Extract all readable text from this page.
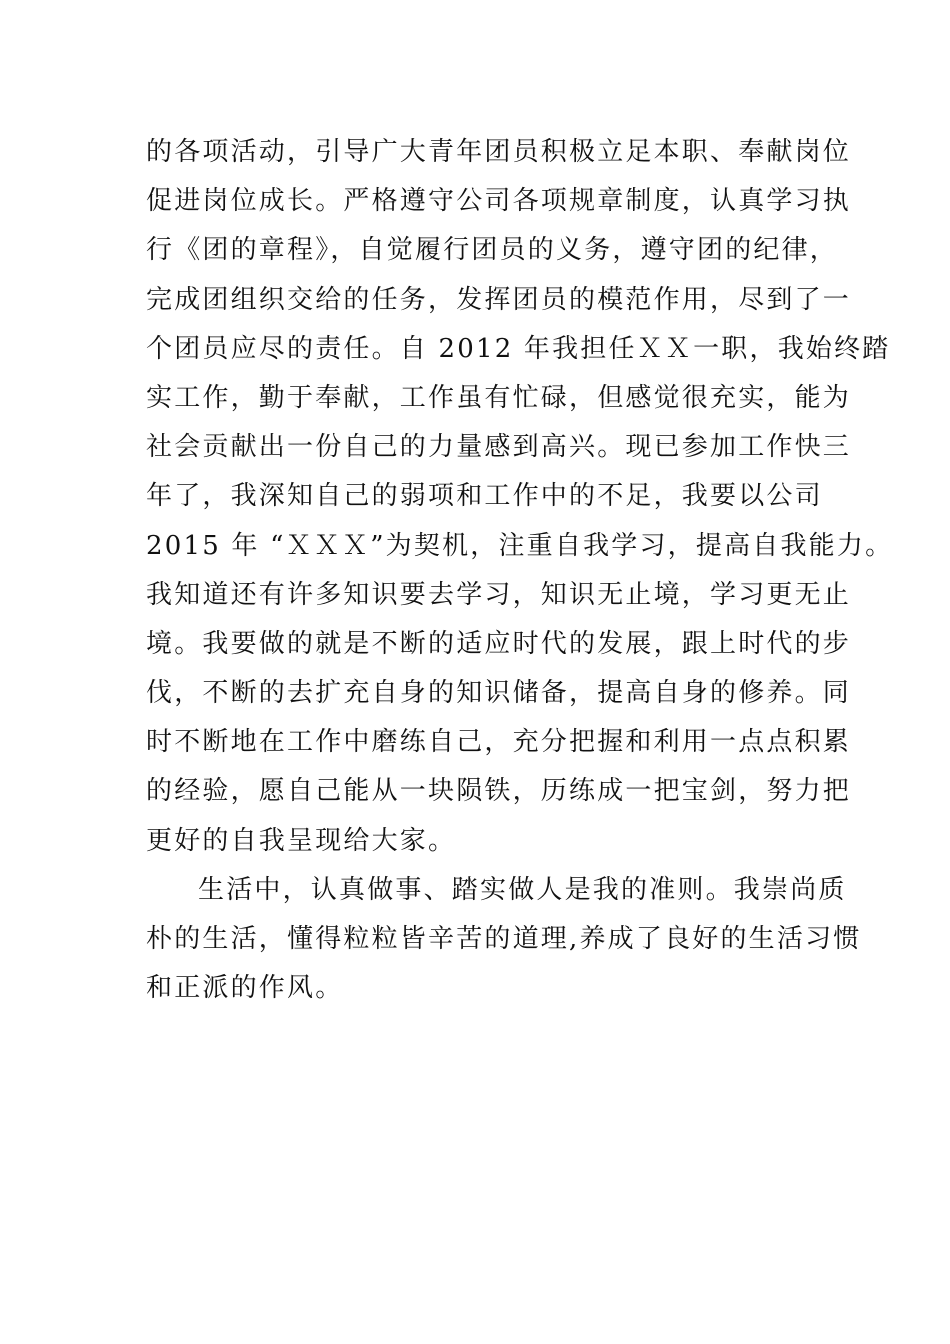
的各项活动，引导广大青年团员积极立足本职、奉献岗位
促进岗位成长。严格遵守公司各项规章制度，认真学习执
行《团的章程》，自觉履行团员的义务，遵守团的纪律，
完成团组织交给的任务，发挥团员的模范作用，尽到了一
个团员应尽的责任。自 2012 年我担任ＸＸ一职，我始终踏
实工作，勤于奉献，工作虽有忙碌，但感觉很充实，能为
社会贡献出一份自己的力量感到高兴。现已参加工作快三
年了，我深知自己的弱项和工作中的不足，我要以公司
2015 年 “ＸＸＸ”为契机，注重自我学习，提高自我能力。
我知道还有许多知识要去学习，知识无止境，学习更无止
境。我要做的就是不断的适应时代的发展，跟上时代的步
伐，不断的去扩充自身的知识储备，提高自身的修养。同
时不断地在工作中磨练自己，充分把握和利用一点点积累
的经验，愿自己能从一块陨铁，历练成一把宝剑，努力把
更好的自我呈现给大家。
生活中，认真做事、踏实做人是我的准则。我崇尚质
朴的生活，懂得粒粒皆辛苦的道理,养成了良好的生活习惯
和正派的作风。
